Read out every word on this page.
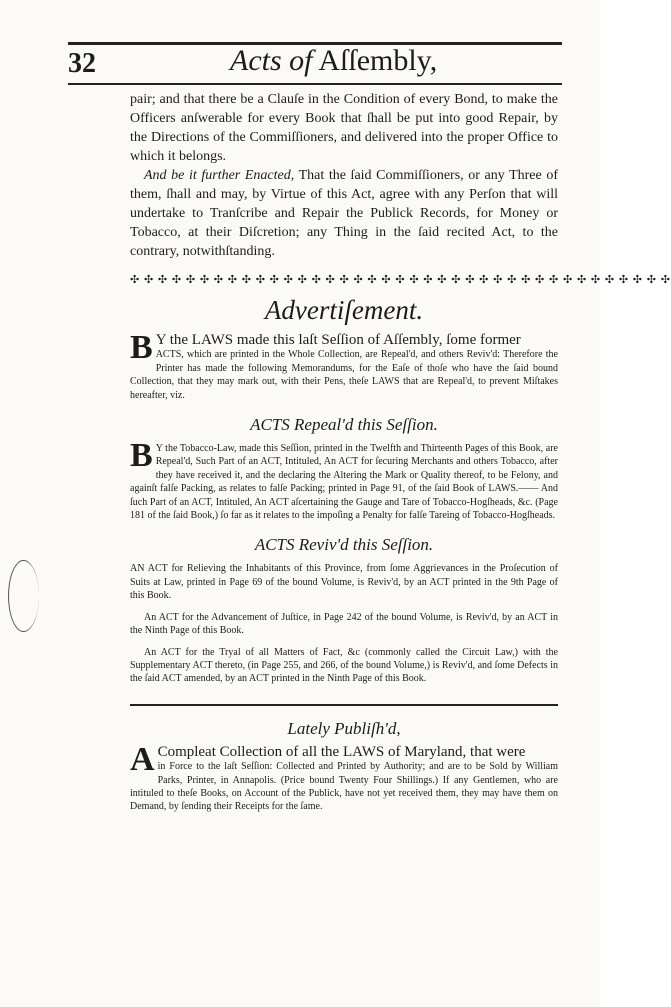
32	Acts of Aſſembly,
pair; and that there be a Clauſe in the Condition of every Bond, to make the Officers anſwerable for every Book that ſhall be put into good Repair, by the Directions of the Commiſſioners, and delivered into the proper Office to which it belongs.
 And be it further Enacted, That the ſaid Commiſſioners, or any Three of them, ſhall and may, by Virtue of this Act, agree with any Perſon that will undertake to Tranſcribe and Repair the Publick Records, for Money or Tobacco, at their Diſcretion; any Thing in the ſaid recited Act, to the contrary, notwithſtanding.
✣ ✣ ✣ ✣ ✣ ✣ ✣ ✣ ✣ ✣ ✣ ✣ ✣ ✣ ✣ ✣ ✣ ✣ ✣ ✣ ✣ ✣ ✣ ✣ ✣ ✣ ✣ ✣ ✣ ✣ ✣ ✣ ✣ ✣ ✣ ✣ ✣ ✣ ✣
Advertiſement.
B Y the LAWS made this laſt Seſſion of Aſſembly, ſome former
ACTS, which are printed in the Whole Collection, are Repeal'd, and others Reviv'd: Therefore the Printer has made the following Memorandums, for the Eaſe of thoſe who have the ſaid bound Collection, that they may mark out, with their Pens, theſe LAWS that are Repeal'd, to prevent Miſtakes hereafter, viz.
ACTS Repeal'd this Seſſion.
B Y the Tobacco-Law, made this Seſſion, printed in the Twelfth and Thirteenth Pages of this Book, are Repeal'd, Such Part of an ACT, Intituled, An ACT for ſecuring Merchants and others Tobacco, after they have received it, and the declaring the Altering the Mark or Quality thereof, to be Felony, and againſt falſe Packing, as relates to falſe Packing; printed in Page 91, of the ſaid Book of LAWS.—— And ſuch Part of an ACT, Intituled, An ACT aſcertaining the Gauge and Tare of Tobacco-Hogſheads, &c. (Page 181 of the ſaid Book,) ſo far as it relates to the impoſing a Penalty for falſe Tareing of Tobacco-Hogſheads.
ACTS Reviv'd this Seſſion.
AN ACT for Relieving the Inhabitants of this Province, from ſome Aggrievances in the Proſecution of Suits at Law, printed in Page 69 of the bound Volume, is Reviv'd, by an ACT printed in the 9th Page of this Book.
An ACT for the Advancement of Juſtice, in Page 242 of the bound Volume, is Reviv'd, by an ACT in the Ninth Page of this Book.
An ACT for the Tryal of all Matters of Fact, &c (commonly called the Circuit Law,) with the Supplementary ACT thereto, (in Page 255, and 266, of the bound Volume,) is Reviv'd, and ſome Defects in the ſaid ACT amended, by an ACT printed in the Ninth Page of this Book.
Lately Publiſh'd,
A Compleat Collection of all the LAWS of Maryland, that were
in Force to the laſt Seſſion: Collected and Printed by Authority; and are to be Sold by William Parks, Printer, in Annapolis. (Price bound Twenty Four Shillings.) If any Gentlemen, who are intituled to theſe Books, on Account of the Publick, have not yet received them, they may have them on Demand, by ſending their Receipts for the ſame.
